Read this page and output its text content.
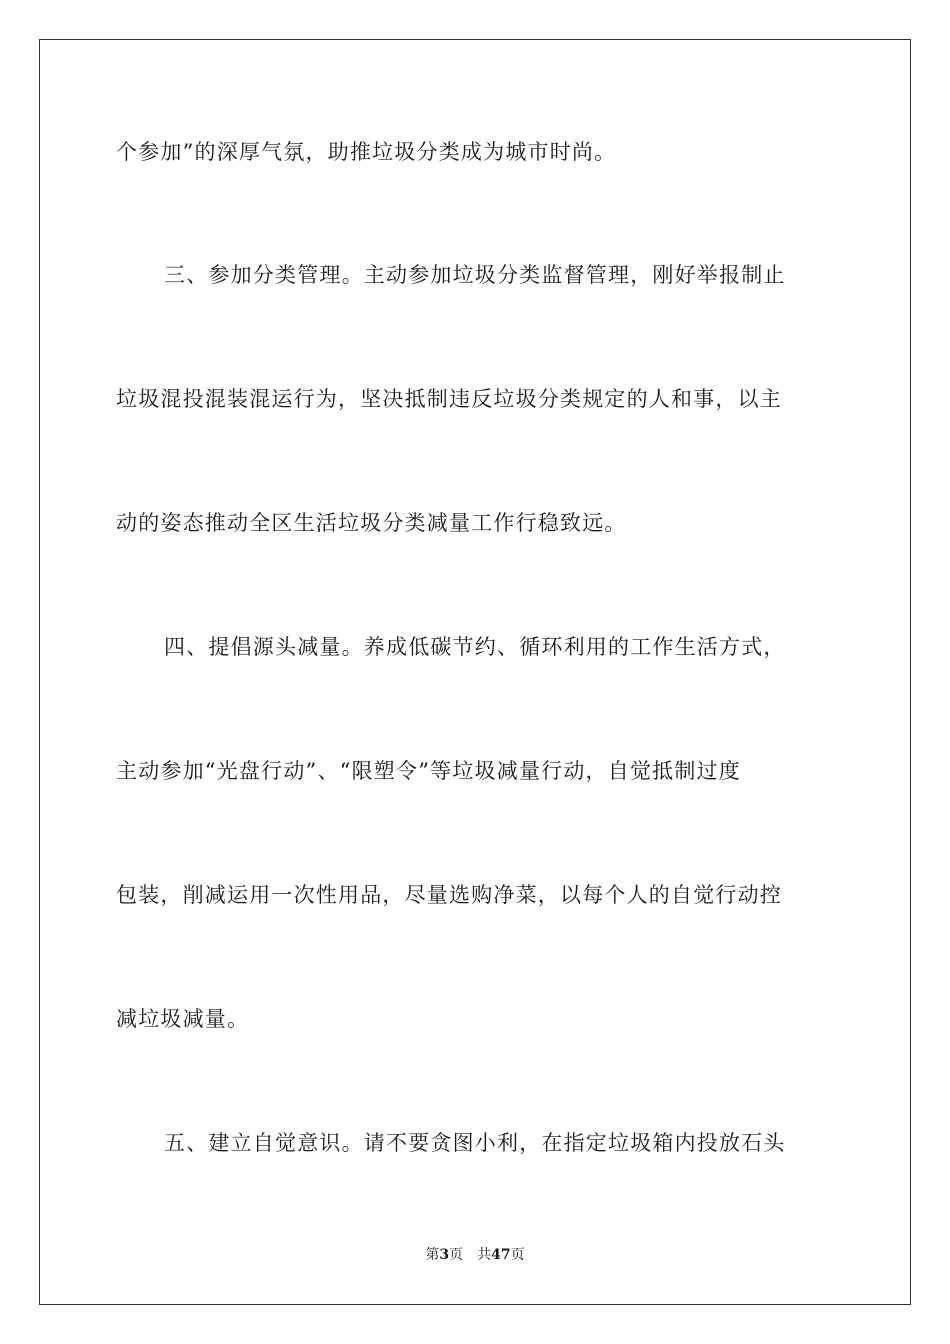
个参加”的深厚气氛，助推垃圾分类成为城市时尚。
三、参加分类管理。主动参加垃圾分类监督管理，刚好举报制止
垃圾混投混装混运行为，坚决抵制违反垃圾分类规定的人和事，以主
动的姿态推动全区生活垃圾分类减量工作行稳致远。
四、提倡源头减量。养成低碳节约、循环利用的工作生活方式，
主动参加“光盘行动”、“限塑令”等垃圾减量行动，自觉抵制过度
包装，削减运用一次性用品，尽量选购净菜，以每个人的自觉行动控
减垃圾减量。
五、建立自觉意识。请不要贪图小利，在指定垃圾箱内投放石头
第3页 共47页
